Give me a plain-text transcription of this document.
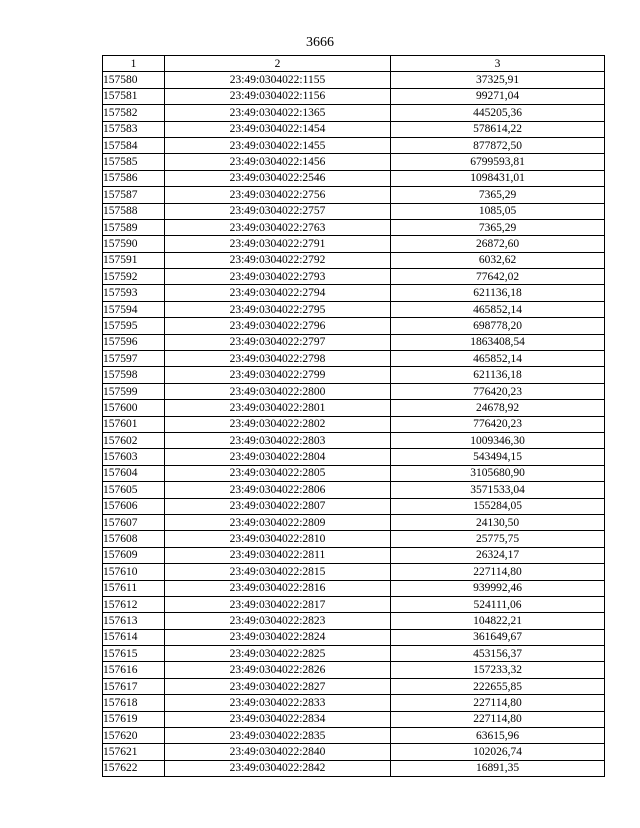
3666
1	2	3
157580	23:49:0304022:1155	37325,91
157581	23:49:0304022:1156	99271,04
157582	23:49:0304022:1365	445205,36
157583	23:49:0304022:1454	578614,22
157584	23:49:0304022:1455	877872,50
157585	23:49:0304022:1456	6799593,81
157586	23:49:0304022:2546	1098431,01
157587	23:49:0304022:2756	7365,29
157588	23:49:0304022:2757	1085,05
157589	23:49:0304022:2763	7365,29
157590	23:49:0304022:2791	26872,60
157591	23:49:0304022:2792	6032,62
157592	23:49:0304022:2793	77642,02
157593	23:49:0304022:2794	621136,18
157594	23:49:0304022:2795	465852,14
157595	23:49:0304022:2796	698778,20
157596	23:49:0304022:2797	1863408,54
157597	23:49:0304022:2798	465852,14
157598	23:49:0304022:2799	621136,18
157599	23:49:0304022:2800	776420,23
157600	23:49:0304022:2801	24678,92
157601	23:49:0304022:2802	776420,23
157602	23:49:0304022:2803	1009346,30
157603	23:49:0304022:2804	543494,15
157604	23:49:0304022:2805	3105680,90
157605	23:49:0304022:2806	3571533,04
157606	23:49:0304022:2807	155284,05
157607	23:49:0304022:2809	24130,50
157608	23:49:0304022:2810	25775,75
157609	23:49:0304022:2811	26324,17
157610	23:49:0304022:2815	227114,80
157611	23:49:0304022:2816	939992,46
157612	23:49:0304022:2817	524111,06
157613	23:49:0304022:2823	104822,21
157614	23:49:0304022:2824	361649,67
157615	23:49:0304022:2825	453156,37
157616	23:49:0304022:2826	157233,32
157617	23:49:0304022:2827	222655,85
157618	23:49:0304022:2833	227114,80
157619	23:49:0304022:2834	227114,80
157620	23:49:0304022:2835	63615,96
157621	23:49:0304022:2840	102026,74
157622	23:49:0304022:2842	16891,35
